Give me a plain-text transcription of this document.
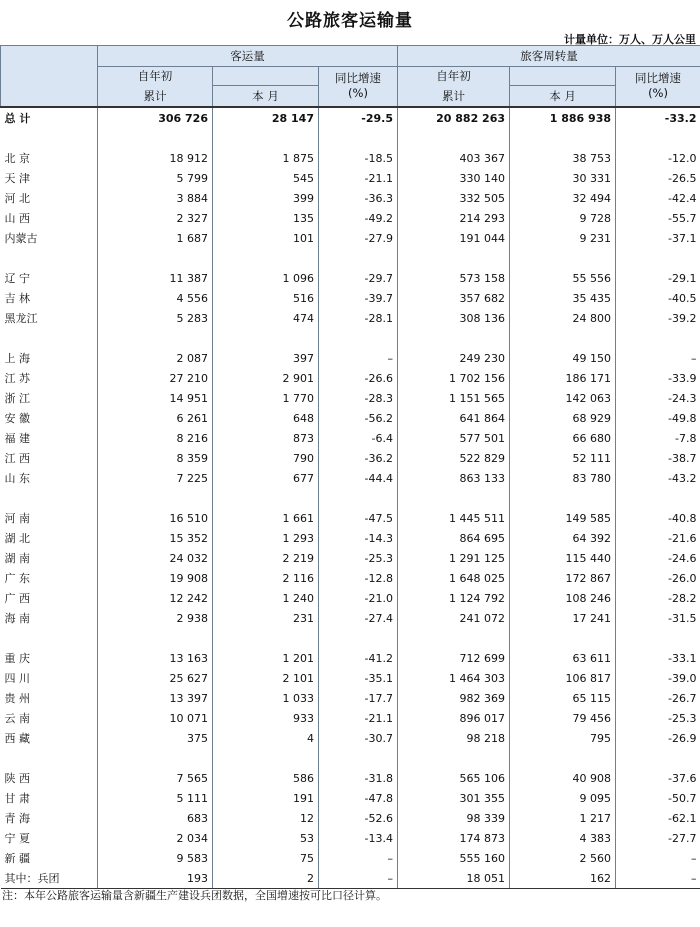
公路旅客运输量
计量单位：万人、万人公里
	客运量			旅客周转量		
	自年初		同比增速	自年初		同比增速
	累计	本 月	(%)	累计	本 月	(%)
总 计	306 726	28 147	-29.5	20 882 263	1 886 938	-33.2

北 京	18 912	1 875	-18.5	403 367	38 753	-12.0
天 津	5 799	545	-21.1	330 140	30 331	-26.5
河 北	3 884	399	-36.3	332 505	32 494	-42.4
山 西	2 327	135	-49.2	214 293	9 728	-55.7
内蒙古	1 687	101	-27.9	191 044	9 231	-37.1

辽 宁	11 387	1 096	-29.7	573 158	55 556	-29.1
吉 林	4 556	516	-39.7	357 682	35 435	-40.5
黑龙江	5 283	474	-28.1	308 136	24 800	-39.2

上 海	2 087	397	–	249 230	49 150	–
江 苏	27 210	2 901	-26.6	1 702 156	186 171	-33.9
浙 江	14 951	1 770	-28.3	1 151 565	142 063	-24.3
安 徽	6 261	648	-56.2	641 864	68 929	-49.8
福 建	8 216	873	-6.4	577 501	66 680	-7.8
江 西	8 359	790	-36.2	522 829	52 111	-38.7
山 东	7 225	677	-44.4	863 133	83 780	-43.2

河 南	16 510	1 661	-47.5	1 445 511	149 585	-40.8
湖 北	15 352	1 293	-14.3	864 695	64 392	-21.6
湖 南	24 032	2 219	-25.3	1 291 125	115 440	-24.6
广 东	19 908	2 116	-12.8	1 648 025	172 867	-26.0
广 西	12 242	1 240	-21.0	1 124 792	108 246	-28.2
海 南	2 938	231	-27.4	241 072	17 241	-31.5

重 庆	13 163	1 201	-41.2	712 699	63 611	-33.1
四 川	25 627	2 101	-35.1	1 464 303	106 817	-39.0
贵 州	13 397	1 033	-17.7	982 369	65 115	-26.7
云 南	10 071	933	-21.1	896 017	79 456	-25.3
西 藏	375	4	-30.7	98 218	795	-26.9

陕 西	7 565	586	-31.8	565 106	40 908	-37.6
甘 肃	5 111	191	-47.8	301 355	9 095	-50.7
青 海	683	12	-52.6	98 339	1 217	-62.1
宁 夏	2 034	53	-13.4	174 873	4 383	-27.7
新 疆	9 583	75	–	555 160	2 560	–
其中：兵团	193	2	–	18 051	162	–
注：本年公路旅客运输量含新疆生产建设兵团数据，全国增速按可比口径计算。
